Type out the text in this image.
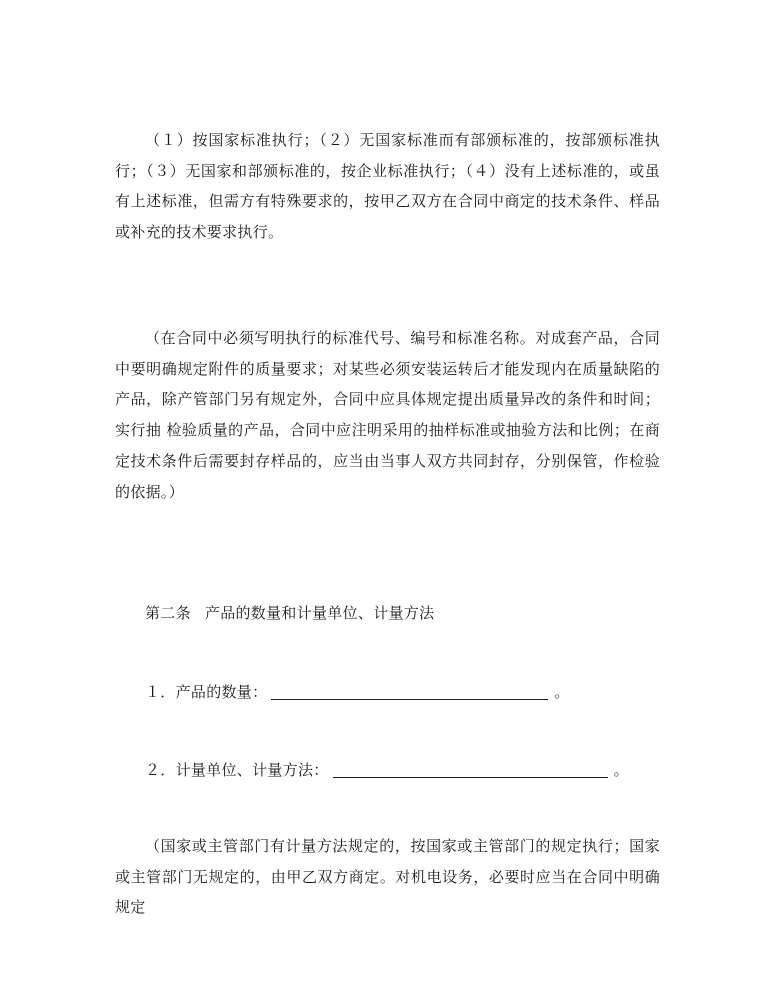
（１）按国家标准执行；（２）无国家标准而有部颁标准的，按部颁标准执行；（３）无国家和部颁标准的，按企业标准执行；（４）没有上述标准的，或虽有上述标准，但需方有特殊要求的，按甲乙双方在合同中商定的技术条件、样品或补充的技术要求执行。

（在合同中必须写明执行的标准代号、编号和标准名称。对成套产品，合同中要明确规定附件的质量要求；对某些必须安装运转后才能发现内在质量缺陷的产品，除产管部门另有规定外，合同中应具体规定提出质量异改的条件和时间；实行抽 检验质量的产品，合同中应注明采用的抽样标准或抽验方法和比例；在商定技术条件后需要封存样品的，应当由当事人双方共同封存，分别保管，作检验的依据。）

第二条 产品的数量和计量单位、计量方法

１．产品的数量：	。

２．计量单位、计量方法：	。

（国家或主管部门有计量方法规定的，按国家或主管部门的规定执行；国家或主管部门无规定的，由甲乙双方商定。对机电设务，必要时应当在合同中明确规定
